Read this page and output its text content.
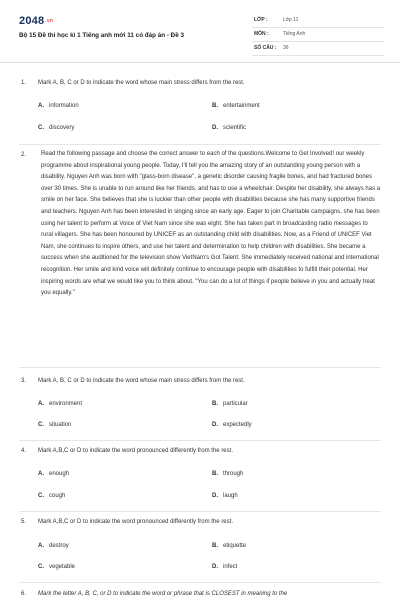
2048.vn
Bộ 15 Đề thi học kì 1 Tiếng anh mới 11 có đáp án - Đề 3
LỚP :	Lớp 11
MÔN :	Tiếng Anh
SỐ CÂU : 36
1. Mark A, B, C or D to indicate the word whose main stress differs from the rest.
A. information	B. entertainment
C. discovery	D. scientific
2. Read the following passage and choose the correct answer to each of the questions.Welcome to Get Involved! our weekly programme about inspirational young people. Today, I'll tell you the amazing story of an outstanding young person with a disability. Nguyen Anh was born with "glass-born disease", a genetic disorder causing fragile bones, and had fractured bones over 30 times. She is unable to run around like her friends, and has to use a wheelchair. Despite her disability, she always has a smile on her face. She believes that she is luckier than other people with disabilities because she has many supportive friends and teachers. Nguyen Anh has been interested in singing since an early age. Eager to join Charitable campaigns, she has been using her talent to perform at Voice of Viet Nam since she was eight. She has taken part in broadcasting radio messages to rural villagers. She has been honoured by UNICEF as an outstanding child with disabilities. Now, as a Friend of UNICEF Viet Nam, she continues to inspire others, and use her talent and determination to help children with disabilities. She became a success when she auditioned for the television show VietNam's Got Talent. She immediately received national and international recognition. Her smile and kind voice will definitely continue to encourage people with disabilities to fulfill their potential. Her inspiring words are what we would like you to think about. "You can do a lot of things if people believe in you and actually treat you equally."
3. Mark A, B, C or D to indicate the word whose main stress differs from the rest.
A. environment	B. particular
C. situation	D. expectedly
4. Mark A,B,C or D to indicate the word pronounced differently from the rest.
A. enough	B. through
C. cough	D. laugh
5. Mark A,B,C or D to indicate the word pronounced differently from the rest.
A. destroy	B. etiquette
C. vegetable	D. infect
6. Mark the letter A, B, C, or D to indicate the word or phrase that is CLOSEST in meaning to the
